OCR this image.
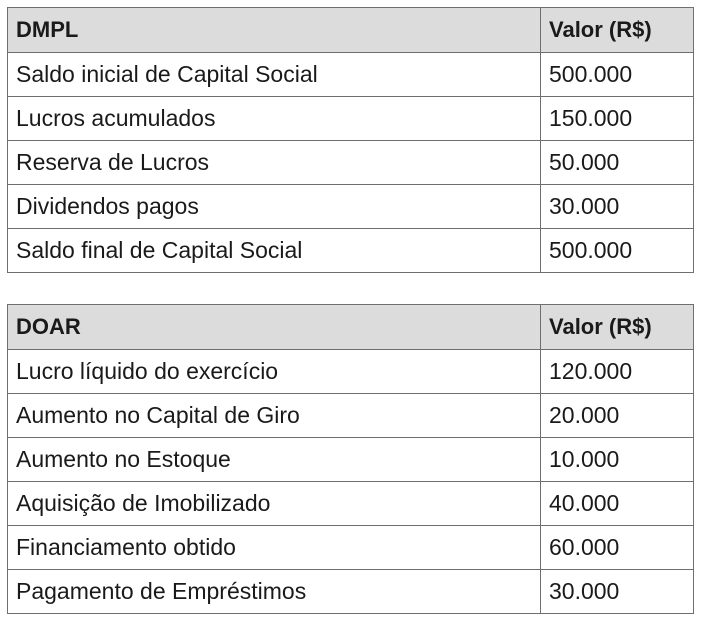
DMPL	Valor (R$)
Saldo inicial de Capital Social	500.000
Lucros acumulados	150.000
Reserva de Lucros	50.000
Dividendos pagos	30.000
Saldo final de Capital Social	500.000
DOAR	Valor (R$)
Lucro líquido do exercício	120.000
Aumento no Capital de Giro	20.000
Aumento no Estoque	10.000
Aquisição de Imobilizado	40.000
Financiamento obtido	60.000
Pagamento de Empréstimos	30.000
